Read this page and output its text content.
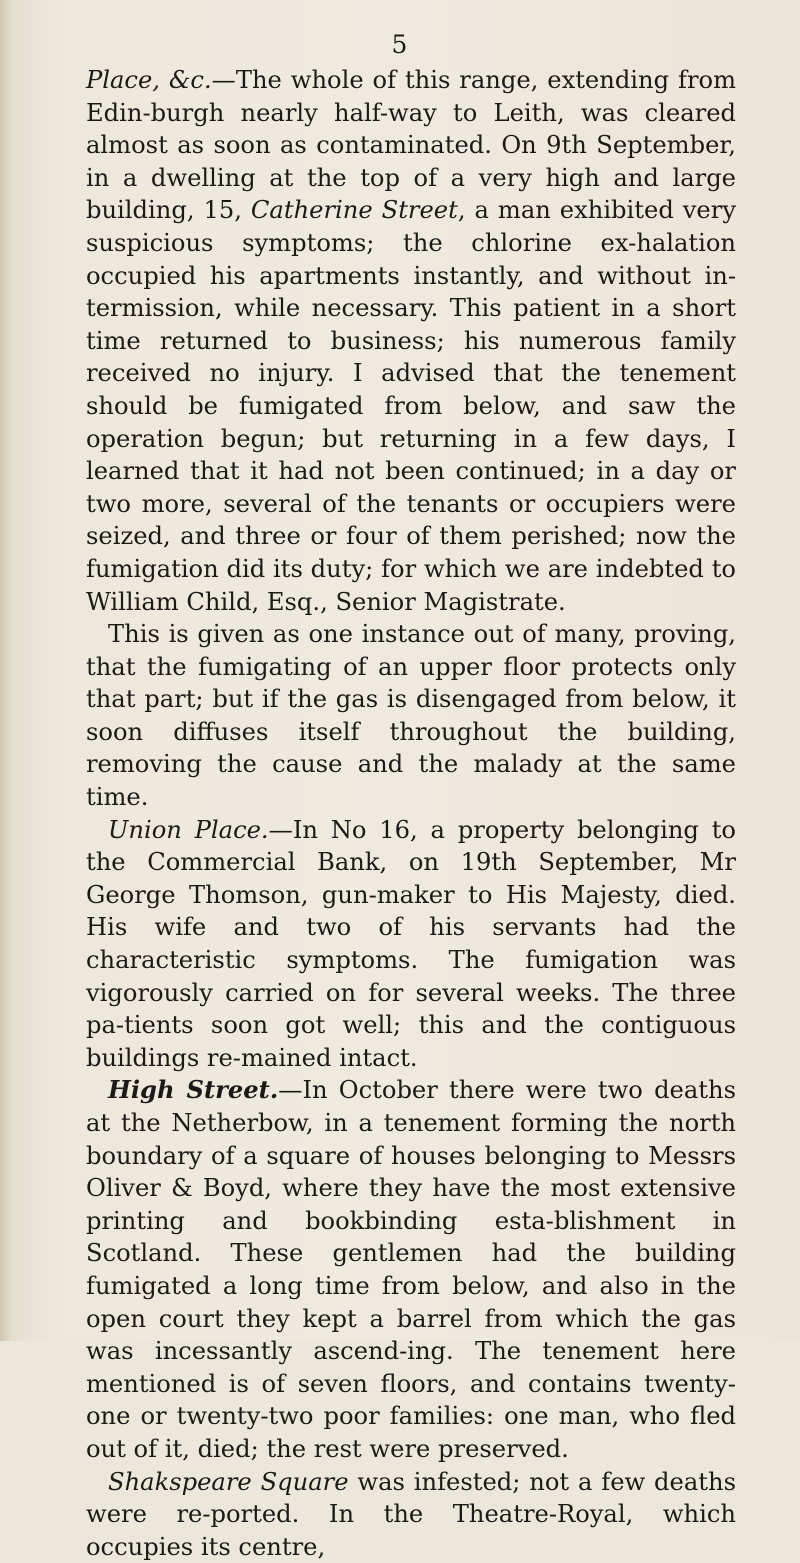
5

Place, &c.—The whole of this range, extending from Edin-burgh nearly half-way to Leith, was cleared almost as soon as contaminated. On 9th September, in a dwelling at the top of a very high and large building, 15, Catherine Street, a man exhibited very suspicious symptoms; the chlorine ex-halation occupied his apartments instantly, and without in-termission, while necessary. This patient in a short time returned to business; his numerous family received no injury. I advised that the tenement should be fumigated from below, and saw the operation begun; but returning in a few days, I learned that it had not been continued; in a day or two more, several of the tenants or occupiers were seized, and three or four of them perished; now the fumigation did its duty; for which we are indebted to William Child, Esq., Senior Magistrate.

This is given as one instance out of many, proving, that the fumigating of an upper floor protects only that part; but if the gas is disengaged from below, it soon diffuses itself throughout the building, removing the cause and the malady at the same time.

Union Place.—In No 16, a property belonging to the Commercial Bank, on 19th September, Mr George Thomson, gun-maker to His Majesty, died. His wife and two of his servants had the characteristic symptoms. The fumigation was vigorously carried on for several weeks. The three pa-tients soon got well; this and the contiguous buildings re-mained intact.

High Street.—In October there were two deaths at the Netherbow, in a tenement forming the north boundary of a square of houses belonging to Messrs Oliver & Boyd, where they have the most extensive printing and bookbinding esta-blishment in Scotland. These gentlemen had the building fumigated a long time from below, and also in the open court they kept a barrel from which the gas was incessantly ascend-ing. The tenement here mentioned is of seven floors, and contains twenty-one or twenty-two poor families: one man, who fled out of it, died; the rest were preserved.

Shakspeare Square was infested; not a few deaths were re-ported. In the Theatre-Royal, which occupies its centre,
